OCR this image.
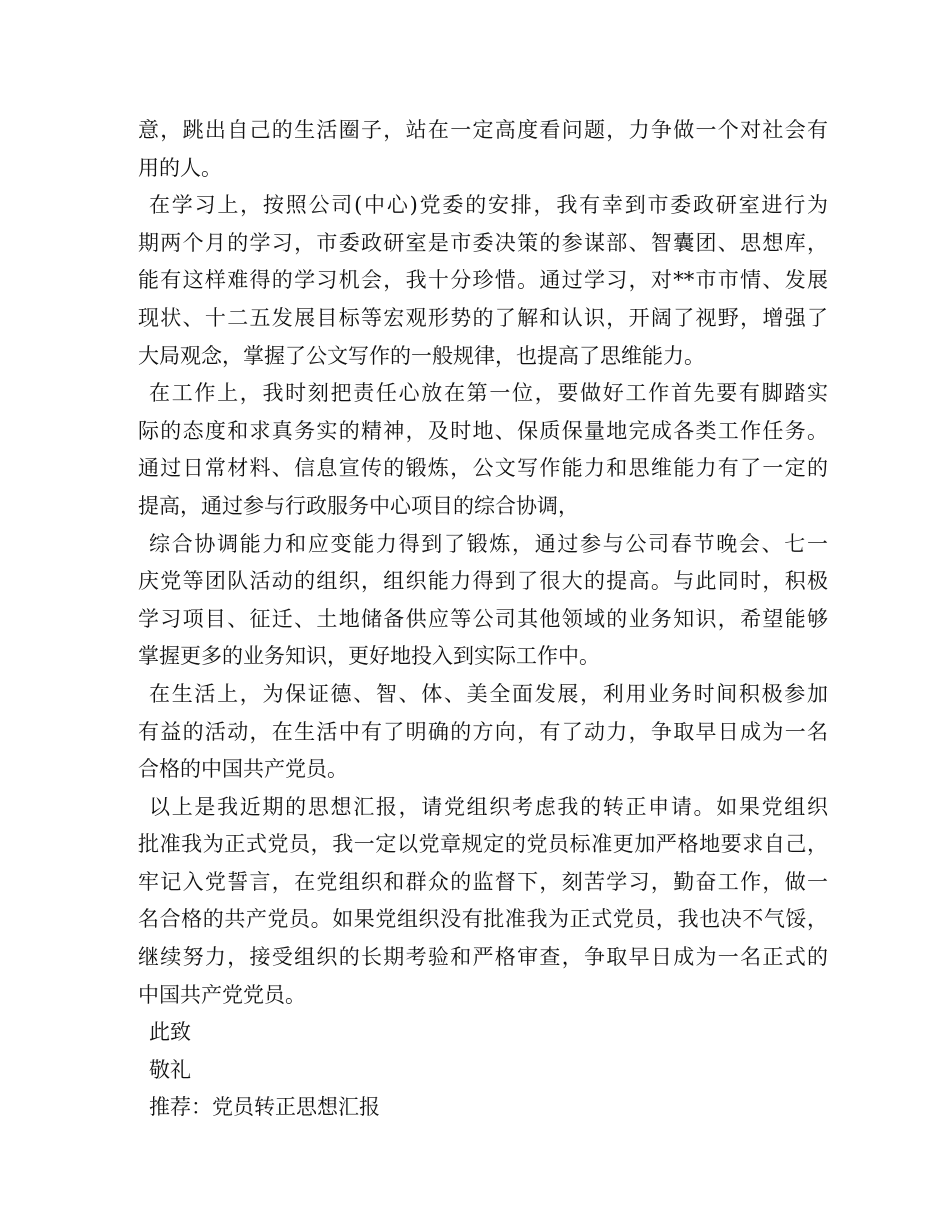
意，跳出自己的生活圈子，站在一定高度看问题，力争做一个对社会有
用的人。
在学习上，按照公司(中心)党委的安排，我有幸到市委政研室进行为
期两个月的学习，市委政研室是市委决策的参谋部、智囊团、思想库，
能有这样难得的学习机会，我十分珍惜。通过学习，对**市市情、发展
现状、十二五发展目标等宏观形势的了解和认识，开阔了视野，增强了
大局观念，掌握了公文写作的一般规律，也提高了思维能力。
在工作上，我时刻把责任心放在第一位，要做好工作首先要有脚踏实
际的态度和求真务实的精神，及时地、保质保量地完成各类工作任务。
通过日常材料、信息宣传的锻炼，公文写作能力和思维能力有了一定的
提高，通过参与行政服务中心项目的综合协调，
综合协调能力和应变能力得到了锻炼，通过参与公司春节晚会、七一
庆党等团队活动的组织，组织能力得到了很大的提高。与此同时，积极
学习项目、征迁、土地储备供应等公司其他领域的业务知识，希望能够
掌握更多的业务知识，更好地投入到实际工作中。
在生活上，为保证德、智、体、美全面发展，利用业务时间积极参加
有益的活动，在生活中有了明确的方向，有了动力，争取早日成为一名
合格的中国共产党员。
以上是我近期的思想汇报，请党组织考虑我的转正申请。如果党组织
批准我为正式党员，我一定以党章规定的党员标准更加严格地要求自己，
牢记入党誓言，在党组织和群众的监督下，刻苦学习，勤奋工作，做一
名合格的共产党员。如果党组织没有批准我为正式党员，我也决不气馁，
继续努力，接受组织的长期考验和严格审查，争取早日成为一名正式的
中国共产党党员。
此致
敬礼
推荐：党员转正思想汇报
